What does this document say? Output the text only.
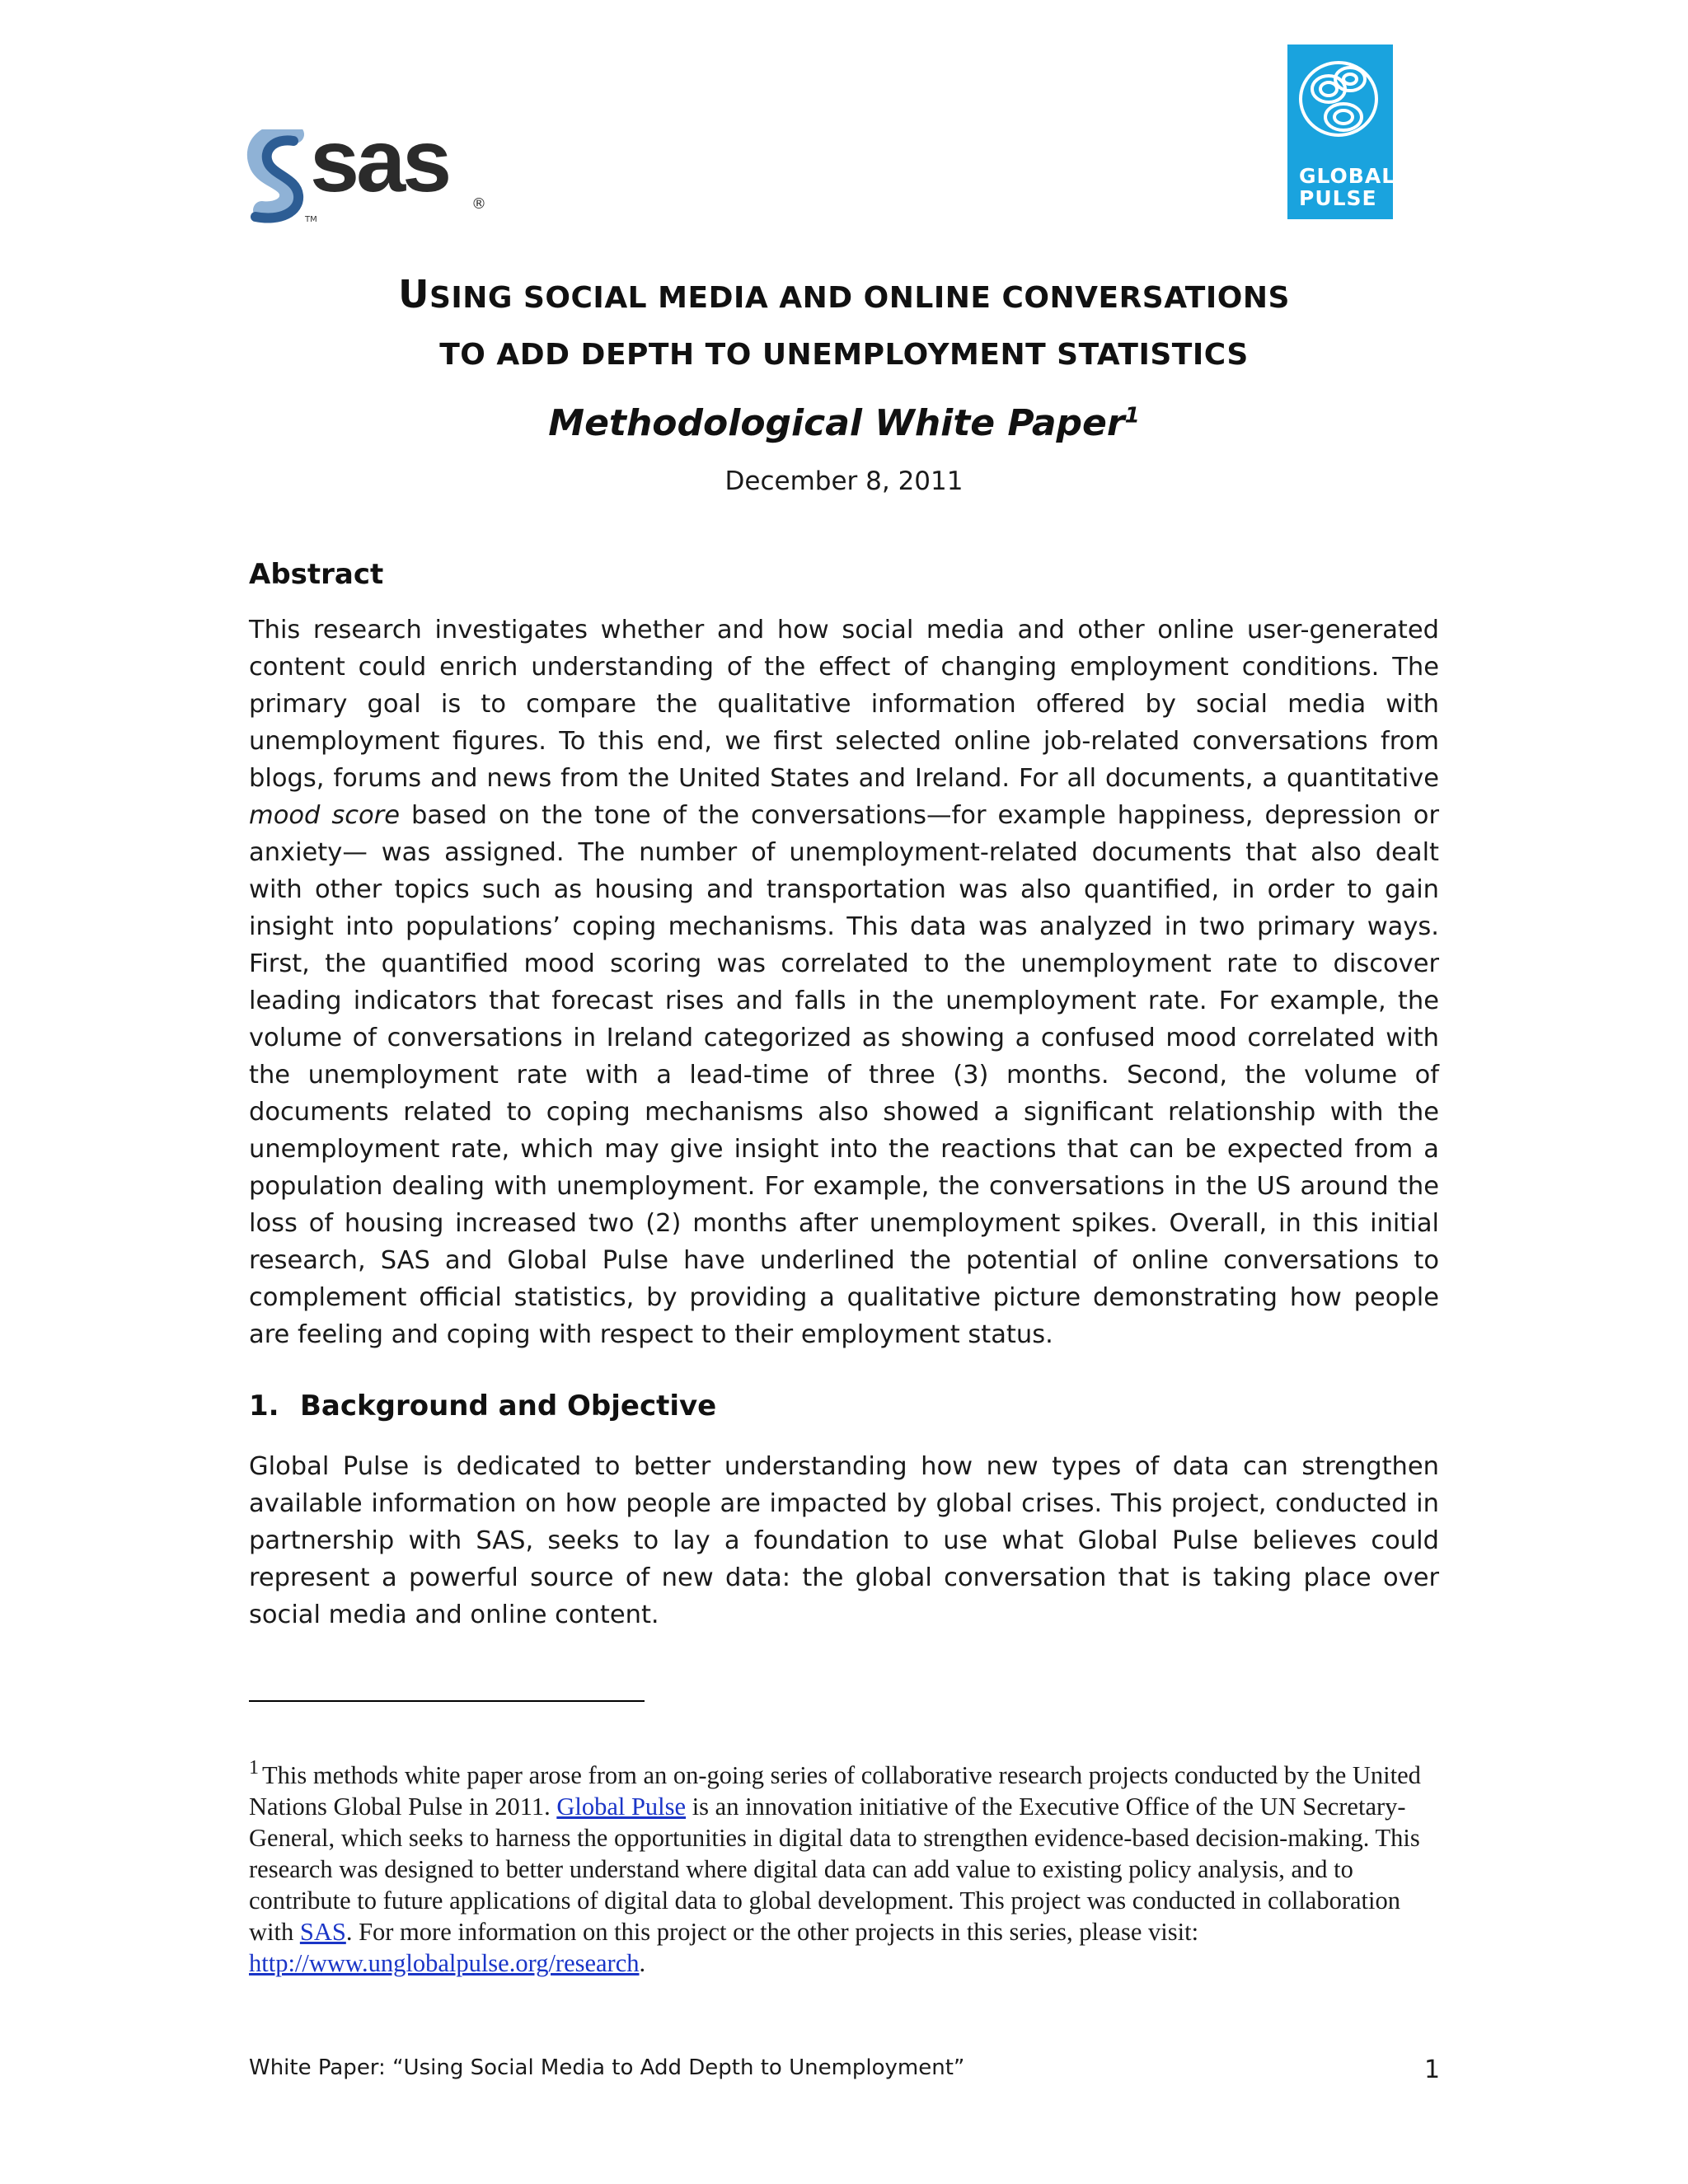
sas ®
TM
GLOBAL
PULSE
USING SOCIAL MEDIA AND ONLINE CONVERSATIONS
TO ADD DEPTH TO UNEMPLOYMENT STATISTICS
Methodological White Paper$^1$
December 8, 2011
Abstract
This research investigates whether and how social media and other online user-generated content could enrich understanding of the effect of changing employment conditions. The primary goal is to compare the qualitative information offered by social media with unemployment figures. To this end, we first selected online job-related conversations from blogs, forums and news from the United States and Ireland. For all documents, a quantitative mood score based on the tone of the conversations—for example happiness, depression or anxiety— was assigned. The number of unemployment-related documents that also dealt with other topics such as housing and transportation was also quantified, in order to gain insight into populations’ coping mechanisms. This data was analyzed in two primary ways. First, the quantified mood scoring was correlated to the unemployment rate to discover leading indicators that forecast rises and falls in the unemployment rate. For example, the volume of conversations in Ireland categorized as showing a confused mood correlated with the unemployment rate with a lead-time of three (3) months. Second, the volume of documents related to coping mechanisms also showed a significant relationship with the unemployment rate, which may give insight into the reactions that can be expected from a population dealing with unemployment. For example, the conversations in the US around the loss of housing increased two (2) months after unemployment spikes. Overall, in this initial research, SAS and Global Pulse have underlined the potential of online conversations to complement official statistics, by providing a qualitative picture demonstrating how people are feeling and coping with respect to their employment status.
1. Background and Objective
Global Pulse is dedicated to better understanding how new types of data can strengthen available information on how people are impacted by global crises. This project, conducted in partnership with SAS, seeks to lay a foundation to use what Global Pulse believes could represent a powerful source of new data: the global conversation that is taking place over social media and online content.
$^1$ This methods white paper arose from an on-going series of collaborative research projects conducted by the United Nations Global Pulse in 2011. Global Pulse is an innovation initiative of the Executive Office of the UN Secretary-General, which seeks to harness the opportunities in digital data to strengthen evidence-based decision-making. This research was designed to better understand where digital data can add value to existing policy analysis, and to contribute to future applications of digital data to global development. This project was conducted in collaboration with SAS. For more information on this project or the other projects in this series, please visit: http://www.unglobalpulse.org/research.
White Paper: “Using Social Media to Add Depth to Unemployment”	1
